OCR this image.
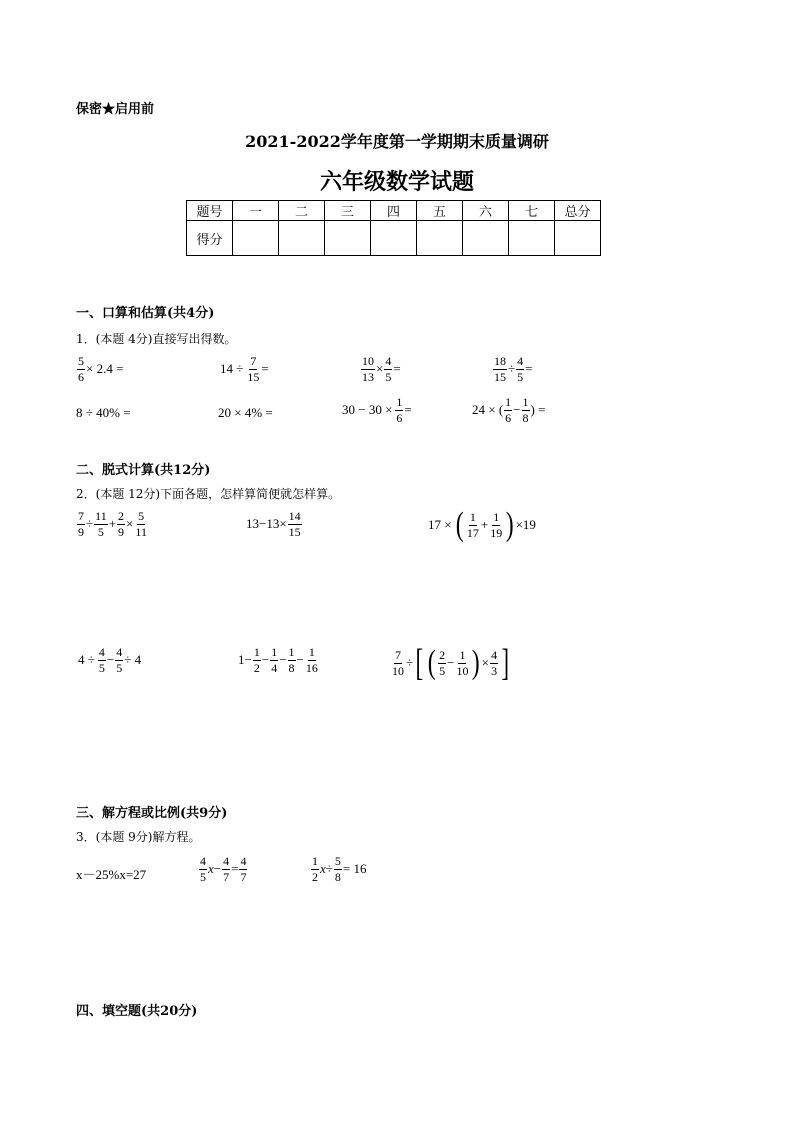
保密★启用前
2021-2022学年度第一学期期末质量调研
六年级数学试题
题号	一	二	三	四	五	六	七	总分
得分								
一、口算和估算(共4分)
1．(本题 4分)直接写出得数。
$\frac{5}{6} \times 2.4$ =	$14 \div \frac{7}{15}$ =	$\frac{10}{13} \times \frac{4}{5}$ =	$\frac{18}{15} \div \frac{4}{5}$ =
8 ÷ 40% =	20 × 4% =	$30 - 30 \times \frac{1}{6}$ =	24 × (
1
6
− $\frac{1}{8}$ ) =
二、脱式计算(共12分)
2．(本题 12分)下面各题，怎样算简便就怎样算。
$\frac{7}{9} \div \frac{11}{5} + \frac{2}{9} \times \frac{5}{11}$	$13-13\times \frac{14}{15}$	17 × ( 1
17
+ $\frac{1}{19}$ ) ×19
$4 \div \frac{4}{5} - \frac{4}{5} \div 4$	$1- \frac{1}{2} - \frac{1}{4} - \frac{1}{8} - \frac{1}{16}$	$\frac{7}{10}$ ÷ [ ( 2
5
− $\frac{1}{10}$ ) × $\frac{4}{3}$ ]
三、解方程或比例(共9分)
3．(本题 9分)解方程。
x－25%x=27
4
5
$x - \frac{4}{7} = \frac{4}{7}$	1
2
$x \div \frac{5}{8} = 16$
四、填空题(共20分)
